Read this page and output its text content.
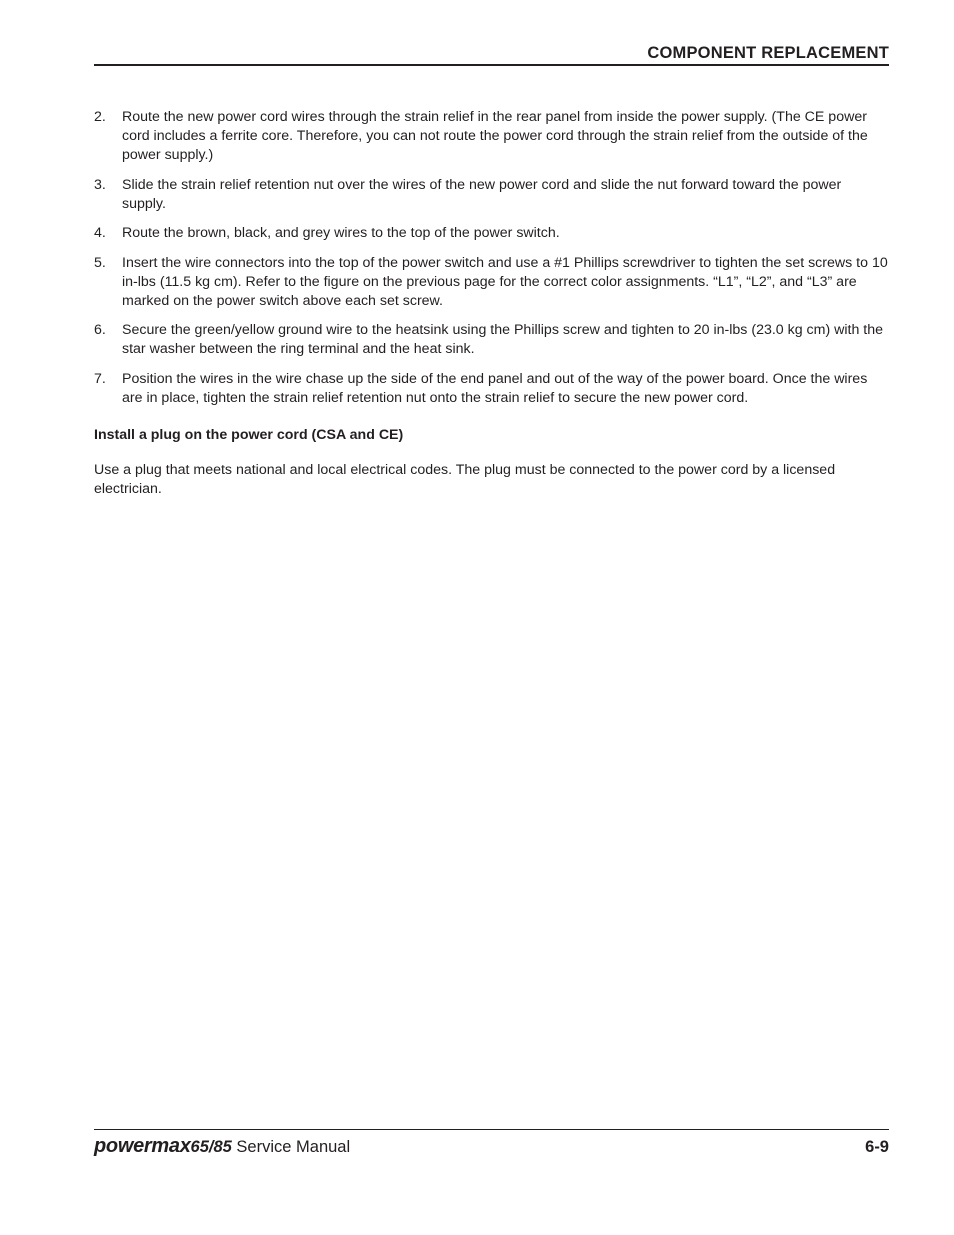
COMPONENT REPLACEMENT
2. Route the new power cord wires through the strain relief in the rear panel from inside the power supply. (The CE power cord includes a ferrite core. Therefore, you can not route the power cord through the strain relief from the outside of the power supply.)
3. Slide the strain relief retention nut over the wires of the new power cord and slide the nut forward toward the power supply.
4. Route the brown, black, and grey wires to the top of the power switch.
5. Insert the wire connectors into the top of the power switch and use a #1 Phillips screwdriver to tighten the set screws to 10 in-lbs (11.5 kg cm). Refer to the figure on the previous page for the correct color assignments. “L1”, “L2”, and “L3” are marked on the power switch above each set screw.
6. Secure the green/yellow ground wire to the heatsink using the Phillips screw and tighten to 20 in-lbs (23.0 kg cm) with the star washer between the ring terminal and the heat sink.
7. Position the wires in the wire chase up the side of the end panel and out of the way of the power board. Once the wires are in place, tighten the strain relief retention nut onto the strain relief to secure the new power cord.
Install a plug on the power cord (CSA and CE)
Use a plug that meets national and local electrical codes. The plug must be connected to the power cord by a licensed electrician.
powermax65/85 Service Manual	6-9
